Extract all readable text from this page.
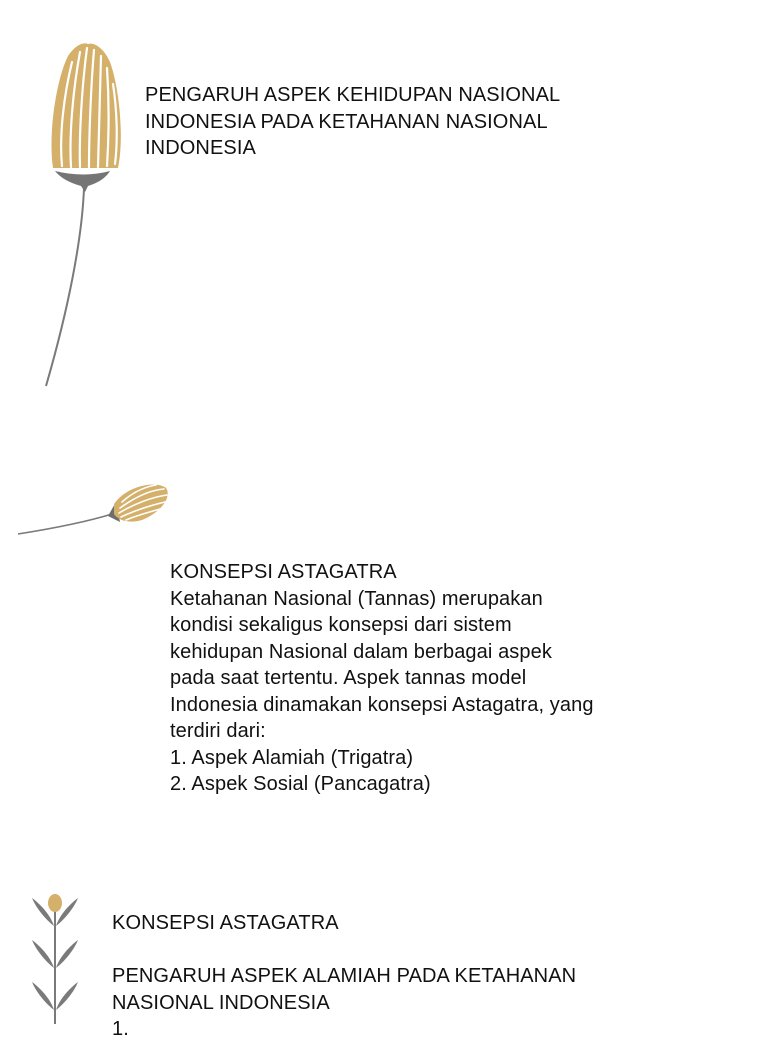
PENGARUH ASPEK KEHIDUPAN NASIONAL
INDONESIA PADA KETAHANAN NASIONAL
INDONESIA
KONSEPSI ASTAGATRA
Ketahanan Nasional (Tannas) merupakan
kondisi sekaligus konsepsi dari sistem
kehidupan Nasional dalam berbagai aspek
pada saat tertentu. Aspek tannas model
Indonesia dinamakan konsepsi Astagatra, yang
terdiri dari:
1. Aspek Alamiah (Trigatra)
2. Aspek Sosial (Pancagatra)
KONSEPSI ASTAGATRA
PENGARUH ASPEK ALAMIAH PADA KETAHANAN
NASIONAL INDONESIA
1.
